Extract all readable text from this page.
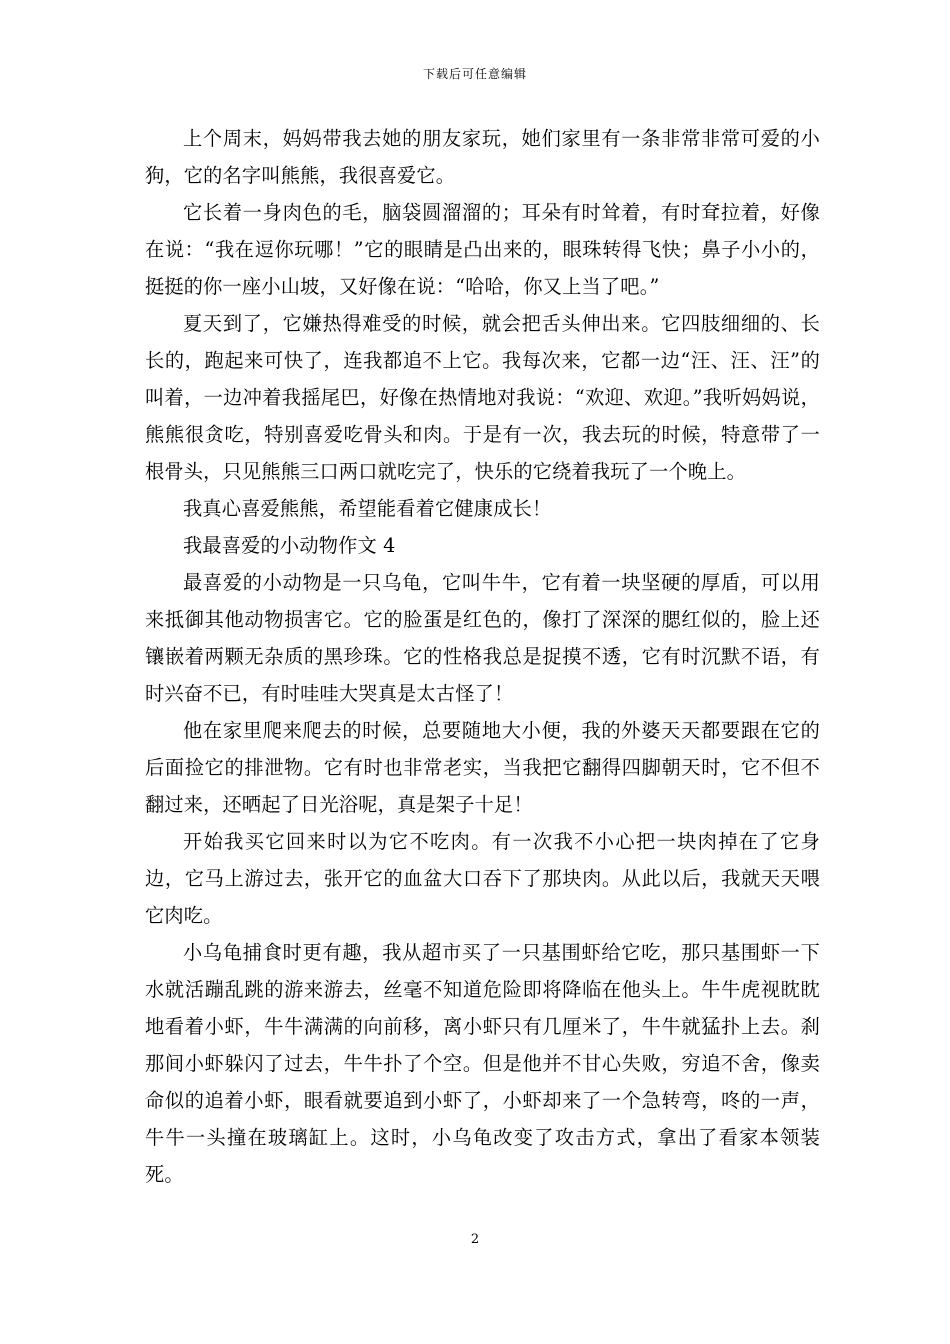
下载后可任意编辑

上个周末，妈妈带我去她的朋友家玩，她们家里有一条非常非常可爱的小狗，它的名字叫熊熊，我很喜爱它。

它长着一身肉色的毛，脑袋圆溜溜的；耳朵有时耸着，有时耷拉着，好像在说：“我在逗你玩哪！”它的眼睛是凸出来的，眼珠转得飞快；鼻子小小的，挺挺的你一座小山坡，又好像在说：“哈哈，你又上当了吧。”

夏天到了，它嫌热得难受的时候，就会把舌头伸出来。它四肢细细的、长长的，跑起来可快了，连我都追不上它。我每次来，它都一边“汪、汪、汪”的叫着，一边冲着我摇尾巴，好像在热情地对我说：“欢迎、欢迎。”我听妈妈说，熊熊很贪吃，特别喜爱吃骨头和肉。于是有一次，我去玩的时候，特意带了一根骨头，只见熊熊三口两口就吃完了，快乐的它绕着我玩了一个晚上。

我真心喜爱熊熊，希望能看着它健康成长！

我最喜爱的小动物作文 4

最喜爱的小动物是一只乌龟，它叫牛牛，它有着一块坚硬的厚盾，可以用来抵御其他动物损害它。它的脸蛋是红色的，像打了深深的腮红似的，脸上还镶嵌着两颗无杂质的黑珍珠。它的性格我总是捉摸不透，它有时沉默不语，有时兴奋不已，有时哇哇大哭真是太古怪了！

他在家里爬来爬去的时候，总要随地大小便，我的外婆天天都要跟在它的后面捡它的排泄物。它有时也非常老实，当我把它翻得四脚朝天时，它不但不翻过来，还晒起了日光浴呢，真是架子十足！

开始我买它回来时以为它不吃肉。有一次我不小心把一块肉掉在了它身边，它马上游过去，张开它的血盆大口吞下了那块肉。从此以后，我就天天喂它肉吃。

小乌龟捕食时更有趣，我从超市买了一只基围虾给它吃，那只基围虾一下水就活蹦乱跳的游来游去，丝毫不知道危险即将降临在他头上。牛牛虎视眈眈地看着小虾，牛牛满满的向前移，离小虾只有几厘米了，牛牛就猛扑上去。刹那间小虾躲闪了过去，牛牛扑了个空。但是他并不甘心失败，穷追不舍，像卖命似的追着小虾，眼看就要追到小虾了，小虾却来了一个急转弯，咚的一声，牛牛一头撞在玻璃缸上。这时，小乌龟改变了攻击方式，拿出了看家本领装死。

2
